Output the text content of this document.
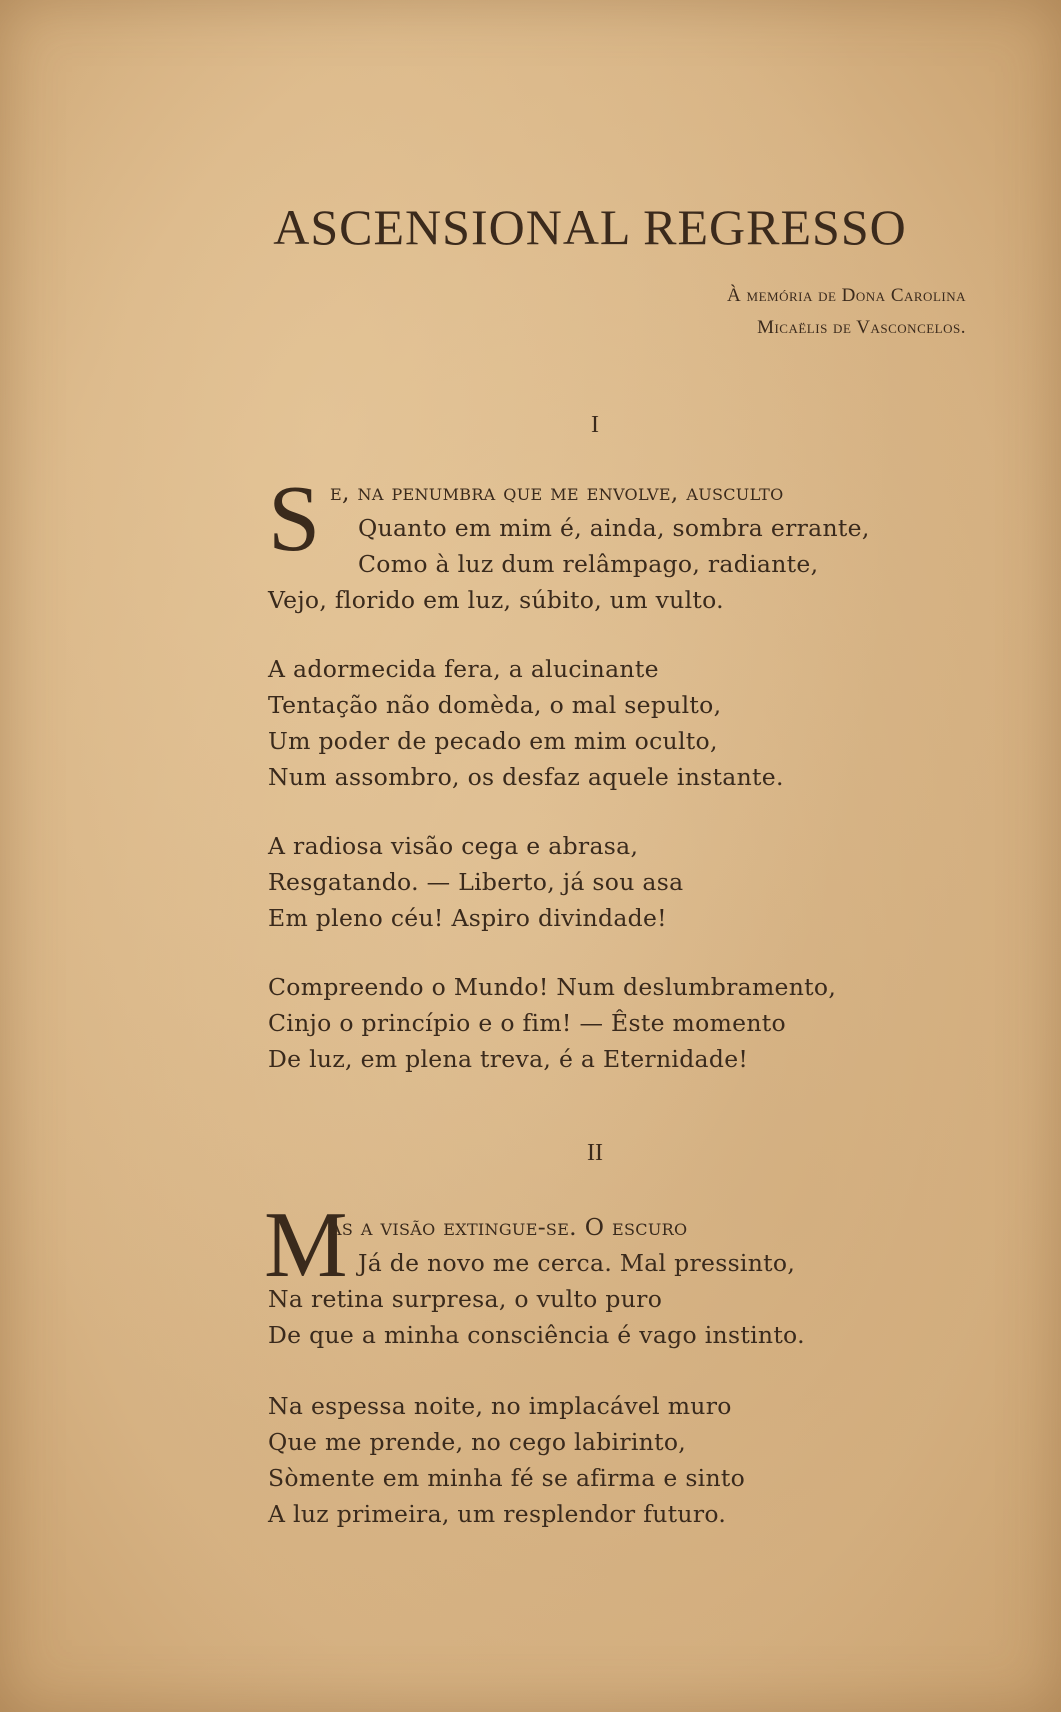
ASCENSIONAL REGRESSO
À memória de Dona Carolina
Micaëlis de Vasconcelos.
I
S e, na penumbra que me envolve, ausculto
Quanto em mim é, ainda, sombra errante,
Como à luz dum relâmpago, radiante,
Vejo, florido em luz, súbito, um vulto.
A adormecida fera, a alucinante
Tentação não domèda, o mal sepulto,
Um poder de pecado em mim oculto,
Num assombro, os desfaz aquele instante.
A radiosa visão cega e abrasa,
Resgatando. — Liberto, já sou asa
Em pleno céu! Aspiro divindade!
Compreendo o Mundo! Num deslumbramento,
Cinjo o princípio e o fim! — Êste momento
De luz, em plena treva, é a Eternidade!
II
M
as a visão extingue-se. O escuro
Já de novo me cerca. Mal pressinto,
Na retina surpresa, o vulto puro
De que a minha consciência é vago instinto.
Na espessa noite, no implacável muro
Que me prende, no cego labirinto,
Sòmente em minha fé se afirma e sinto
A luz primeira, um resplendor futuro.
